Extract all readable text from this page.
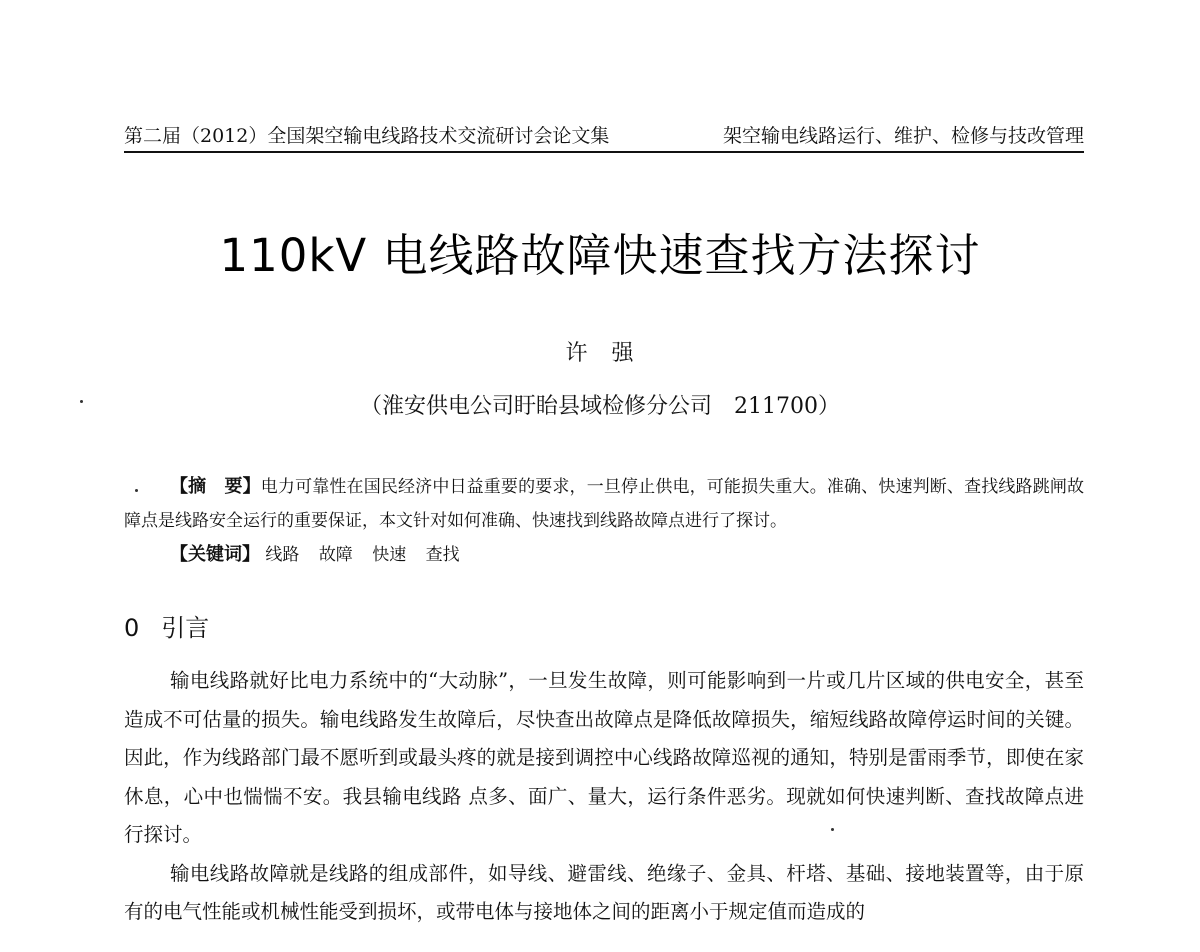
第二届（2012）全国架空输电线路技术交流研讨会论文集	架空输电线路运行、维护、检修与技改管理
110kV 电线路故障快速查找方法探讨
许　强
（淮安供电公司盱眙县域检修分公司　211700）
【摘　要】电力可靠性在国民经济中日益重要的要求，一旦停止供电，可能损失重大。准确、快速判断、查找线路跳闸故障点是线路安全运行的重要保证，本文针对如何准确、快速找到线路故障点进行了探讨。
【关键词】 线路 故障 快速 查找
0 引言

输电线路就好比电力系统中的“大动脉”，一旦发生故障，则可能影响到一片或几片区域的供电安全，甚至造成不可估量的损失。输电线路发生故障后，尽快查出故障点是降低故障损失，缩短线路故障停运时间的关键。因此，作为线路部门最不愿听到或最头疼的就是接到调控中心线路故障巡视的通知，特别是雷雨季节，即使在家休息，心中也惴惴不安。我县输电线路 点多、面广、量大，运行条件恶劣。现就如何快速判断、查找故障点进行探讨。

输电线路故障就是线路的组成部件，如导线、避雷线、绝缘子、金具、杆塔、基础、接地装置等，由于原有的电气性能或机械性能受到损坏，或带电体与接地体之间的距离小于规定值而造成的
